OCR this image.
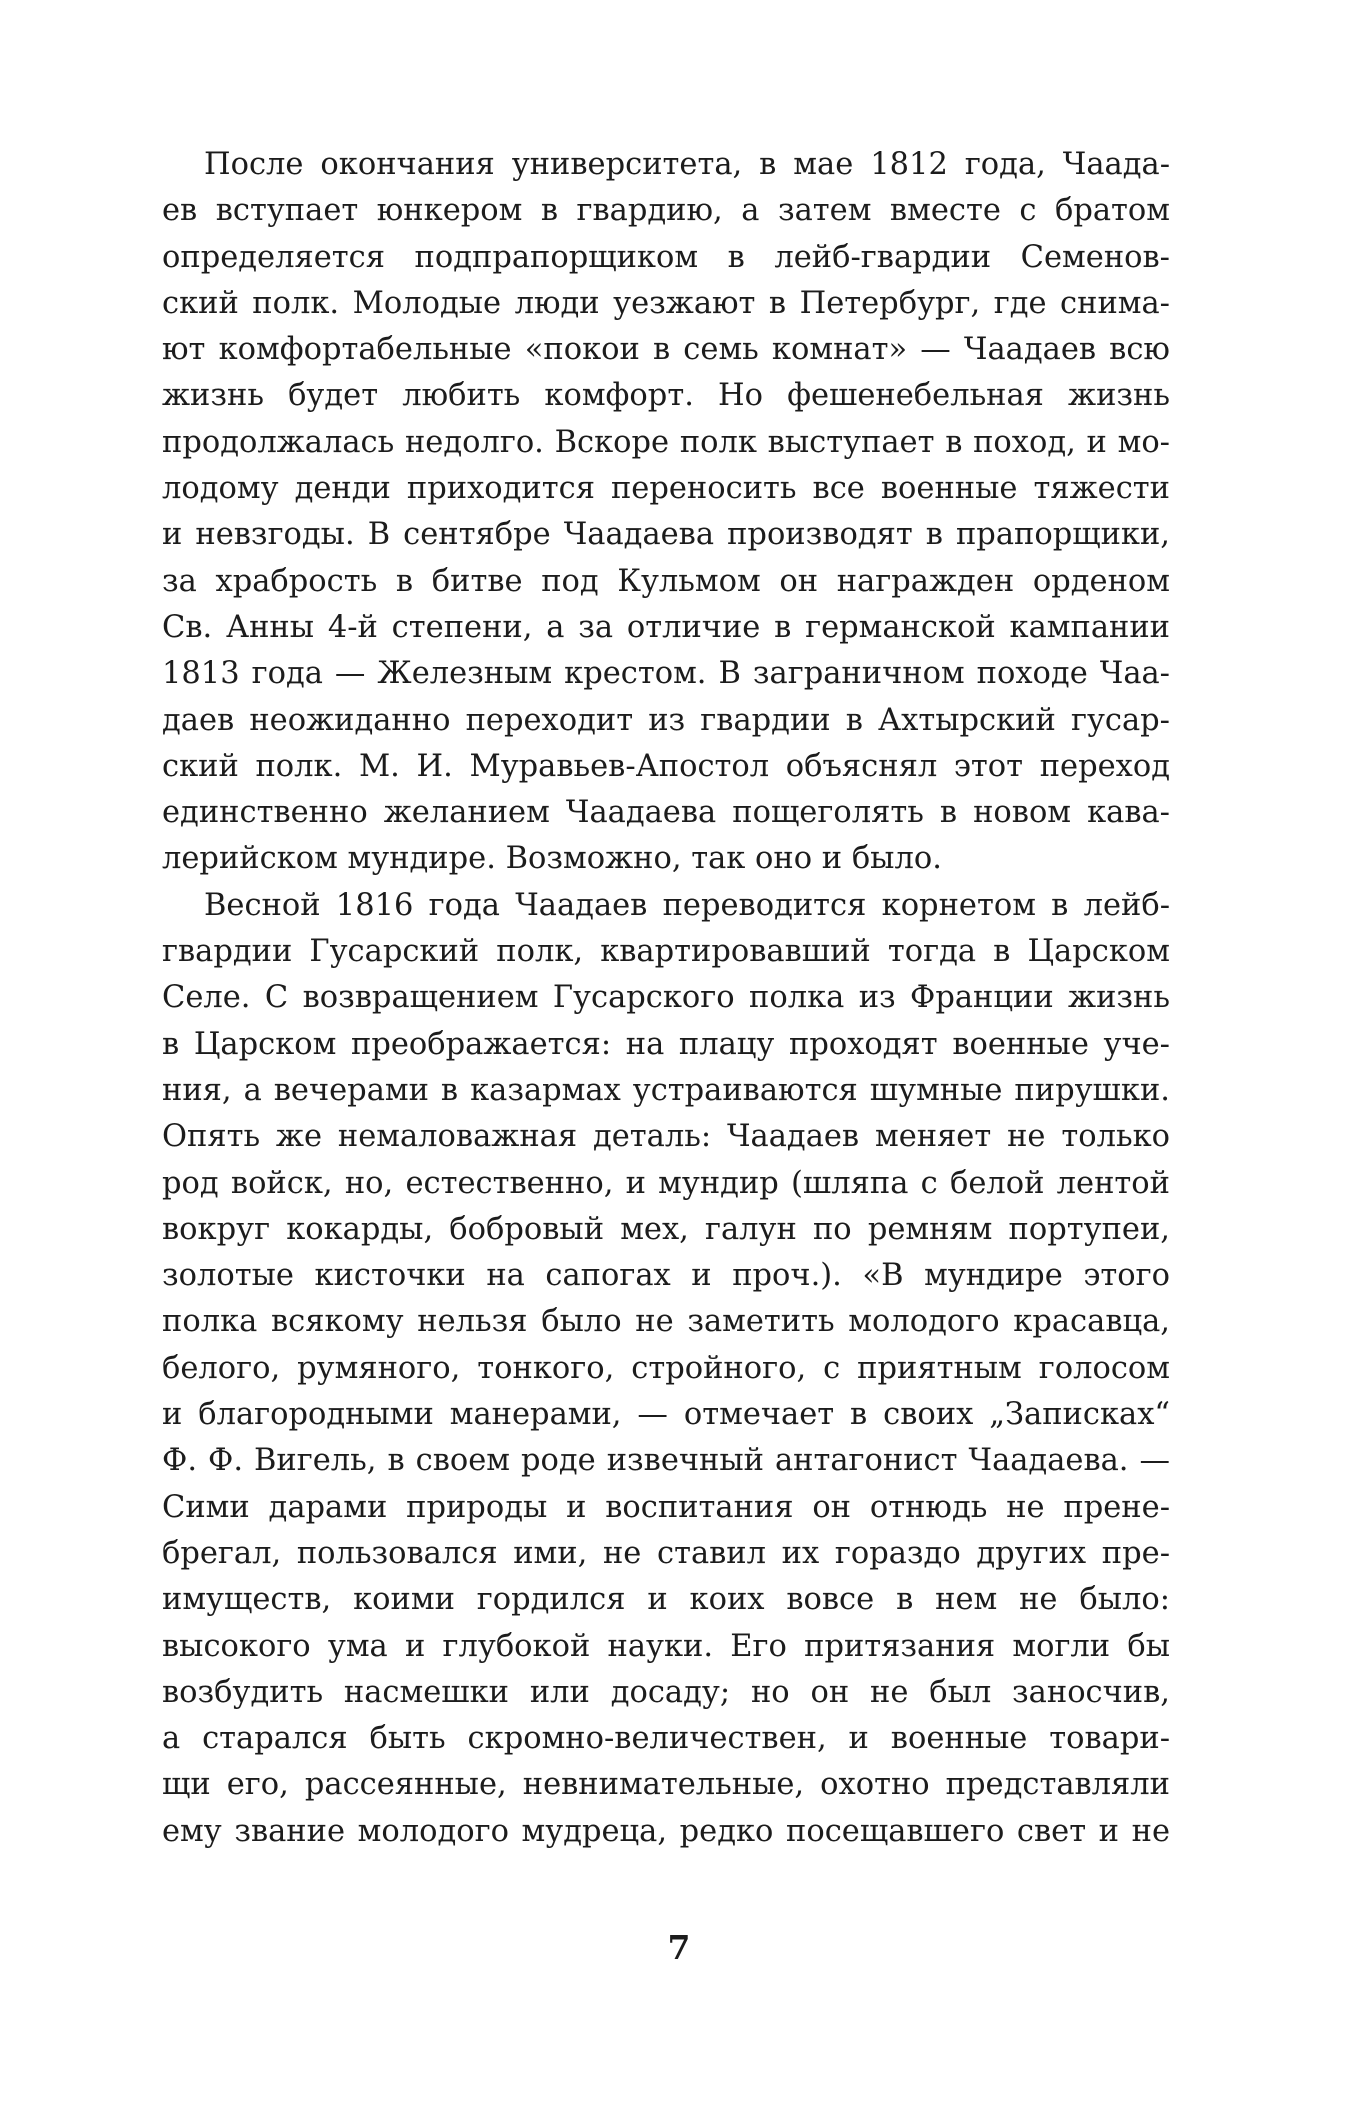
После окончания университета, в мае 1812 года, Чаада-
ев вступает юнкером в гвардию, а затем вместе с братом
определяется подпрапорщиком в лейб-гвардии Семенов-
ский полк. Молодые люди уезжают в Петербург, где снима-
ют комфортабельные «покои в семь комнат» — Чаадаев всю
жизнь будет любить комфорт. Но фешенебельная жизнь
продолжалась недолго. Вскоре полк выступает в поход, и мо-
лодому денди приходится переносить все военные тяжести
и невзгоды. В сентябре Чаадаева производят в прапорщики,
за храбрость в битве под Кульмом он награжден орденом
Св. Анны 4-й степени, а за отличие в германской кампании
1813 года — Железным крестом. В заграничном походе Чаа-
даев неожиданно переходит из гвардии в Ахтырский гусар-
ский полк. М. И. Муравьев-Апостол объяснял этот переход
единственно желанием Чаадаева пощеголять в новом кава-
лерийском мундире. Возможно, так оно и было.
Весной 1816 года Чаадаев переводится корнетом в лейб-
гвардии Гусарский полк, квартировавший тогда в Царском
Селе. С возвращением Гусарского полка из Франции жизнь
в Царском преображается: на плацу проходят военные уче-
ния, а вечерами в казармах устраиваются шумные пирушки.
Опять же немаловажная деталь: Чаадаев меняет не только
род войск, но, естественно, и мундир (шляпа с белой лентой
вокруг кокарды, бобровый мех, галун по ремням портупеи,
золотые кисточки на сапогах и проч.). «В мундире этого
полка всякому нельзя было не заметить молодого красавца,
белого, румяного, тонкого, стройного, с приятным голосом
и благородными манерами, — отмечает в своих „Записках“
Ф. Ф. Вигель, в своем роде извечный антагонист Чаадаева. —
Сими дарами природы и воспитания он отнюдь не прене-
брегал, пользовался ими, не ставил их гораздо других пре-
имуществ, коими гордился и коих вовсе в нем не было:
высокого ума и глубокой науки. Его притязания могли бы
возбудить насмешки или досаду; но он не был заносчив,
а старался быть скромно-величествен, и военные товари-
щи его, рассеянные, невнимательные, охотно представляли
ему звание молодого мудреца, редко посещавшего свет и не
7
